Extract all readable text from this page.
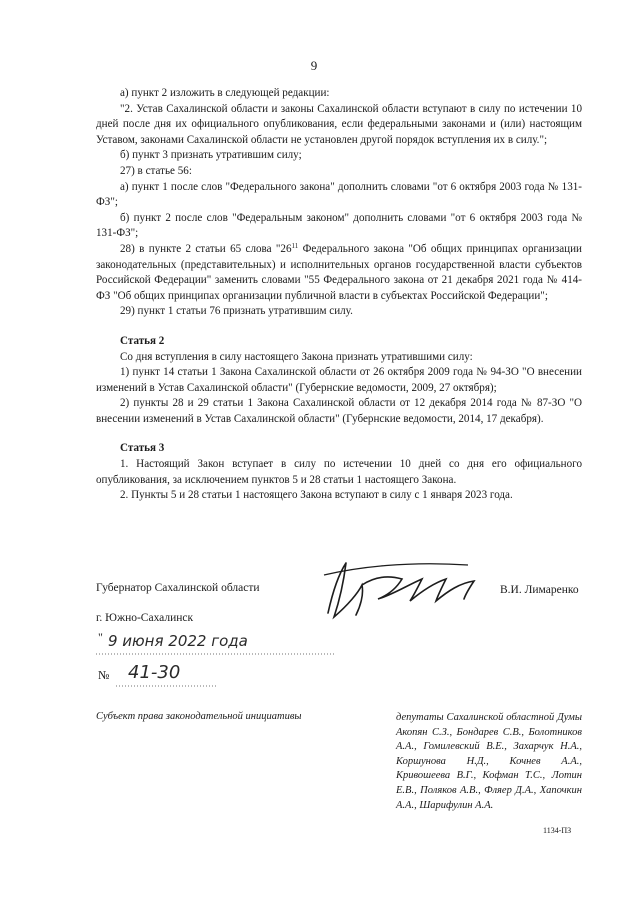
9

а) пункт 2 изложить в следующей редакции:

"2. Устав Сахалинской области и законы Сахалинской области вступают в силу по истечении 10 дней после дня их официального опубликования, если федеральными законами и (или) настоящим Уставом, законами Сахалинской области не установлен другой порядок вступления их в силу.";

б) пункт 3 признать утратившим силу;

27) в статье 56:

а) пункт 1 после слов "Федерального закона" дополнить словами "от 6 октября 2003 года № 131-ФЗ";

б) пункт 2 после слов "Федеральным законом" дополнить словами "от 6 октября 2003 года № 131-ФЗ";

28) в пункте 2 статьи 65 слова "$26^{11}$ Федерального закона "Об общих принципах организации законодательных (представительных) и исполнительных органов государственной власти субъектов Российской Федерации" заменить словами "55 Федерального закона от 21 декабря 2021 года № 414-ФЗ "Об общих принципах организации публичной власти в субъектах Российской Федерации";

29) пункт 1 статьи 76 признать утратившим силу.

Статья 2

Со дня вступления в силу настоящего Закона признать утратившими силу:

1) пункт 14 статьи 1 Закона Сахалинской области от 26 октября 2009 года № 94-ЗО "О внесении изменений в Устав Сахалинской области" (Губернские ведомости, 2009, 27 октября);

2) пункты 28 и 29 статьи 1 Закона Сахалинской области от 12 декабря 2014 года № 87-ЗО "О внесении изменений в Устав Сахалинской области" (Губернские ведомости, 2014, 17 декабря).

Статья 3

1. Настоящий Закон вступает в силу по истечении 10 дней со дня его официального опубликования, за исключением пунктов 5 и 28 статьи 1 настоящего Закона.

2. Пункты 5 и 28 статьи 1 настоящего Закона вступают в силу с 1 января 2023 года.

Губернатор Сахалинской области	В.И. Лимаренко
г. Южно-Сахалинск
" 9 июня 2022 года
№ 41-30
Субъект права законодательной инициативы	депутаты Сахалинской областной Думы Акопян С.З., Бондарев С.В., Болотников А.А., Гомилевский В.Е., Захарчук Н.А., Коршунова Н.Д., Кочнев А.А., Кривошеева В.Г., Кофман Т.С., Лотин Е.В., Поляков А.В., Фляер Д.А., Хапочкин А.А., Шарифулин А.А.
1134-ПЗ
